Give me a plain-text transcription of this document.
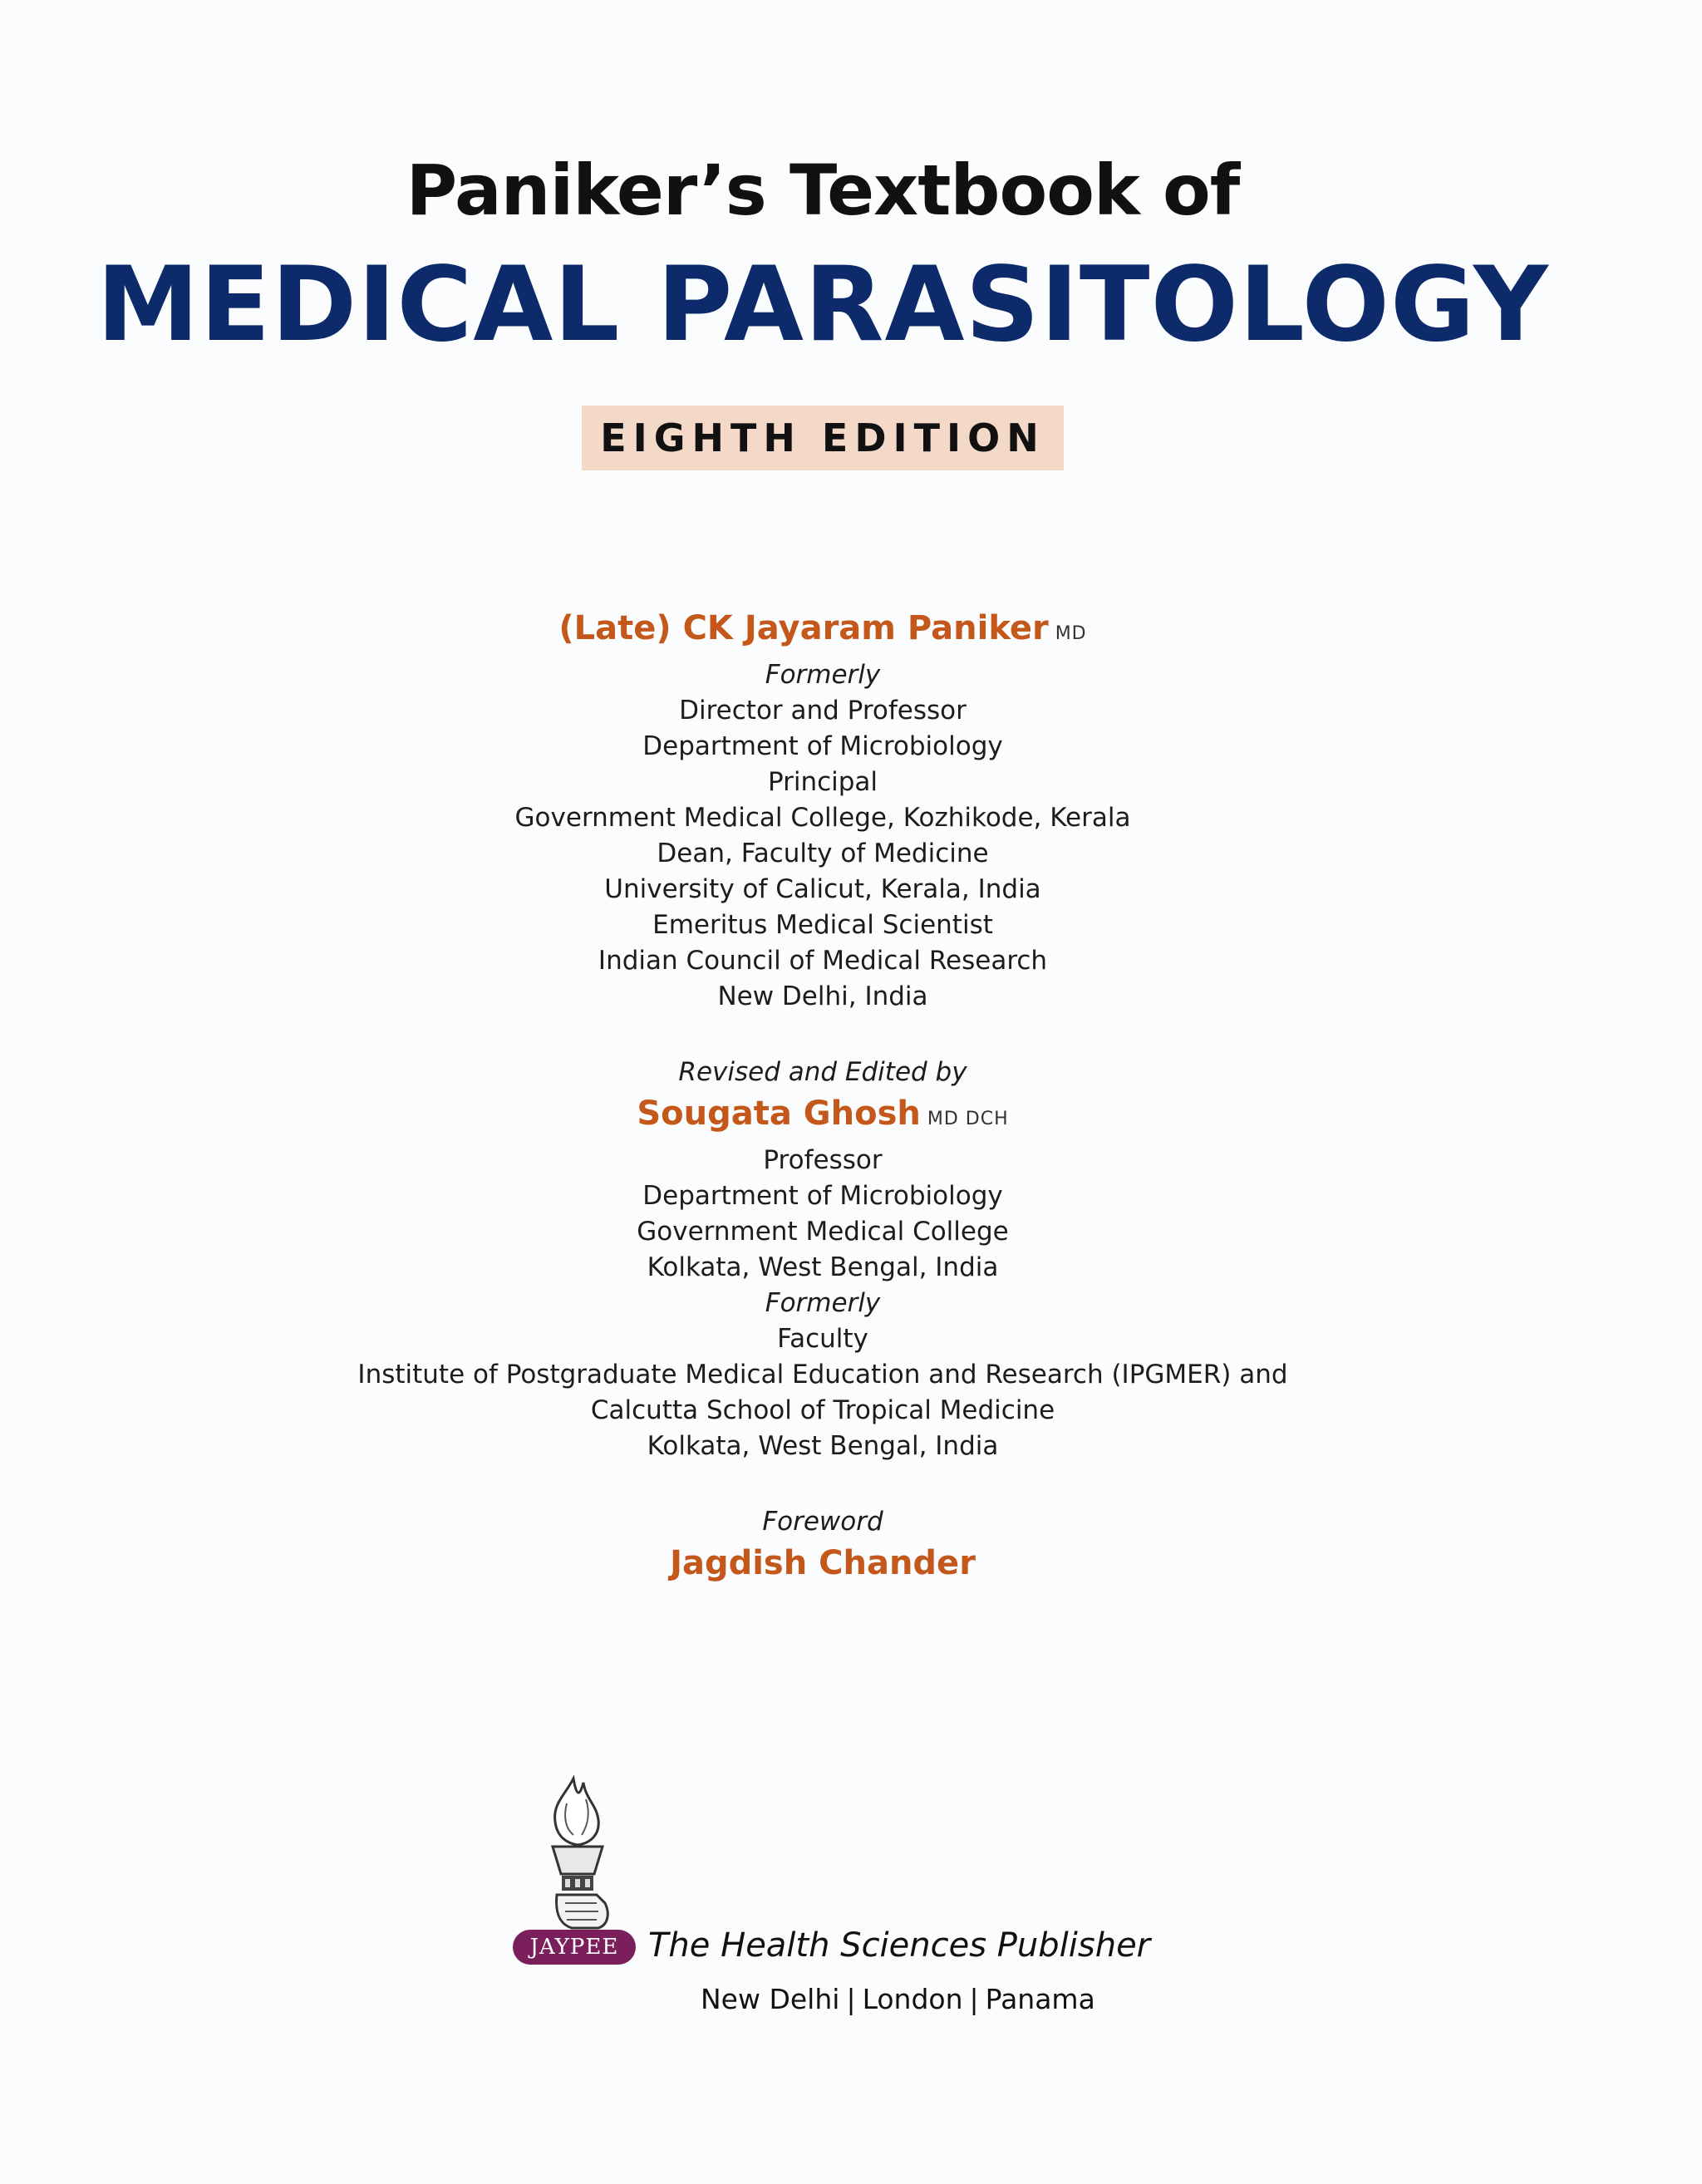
Paniker’s Textbook of
MEDICAL PARASITOLOGY
EIGHTH EDITION
(Late) CK Jayaram Paniker MD
Formerly
Director and Professor
Department of Microbiology
Principal
Government Medical College, Kozhikode, Kerala
Dean, Faculty of Medicine
University of Calicut, Kerala, India
Emeritus Medical Scientist
Indian Council of Medical Research
New Delhi, India
Revised and Edited by
Sougata Ghosh MD DCH
Professor
Department of Microbiology
Government Medical College
Kolkata, West Bengal, India
Formerly
Faculty
Institute of Postgraduate Medical Education and Research (IPGMER) and
Calcutta School of Tropical Medicine
Kolkata, West Bengal, India
Foreword
Jagdish Chander
JAYPEE The Health Sciences Publisher
New Delhi | London | Panama
